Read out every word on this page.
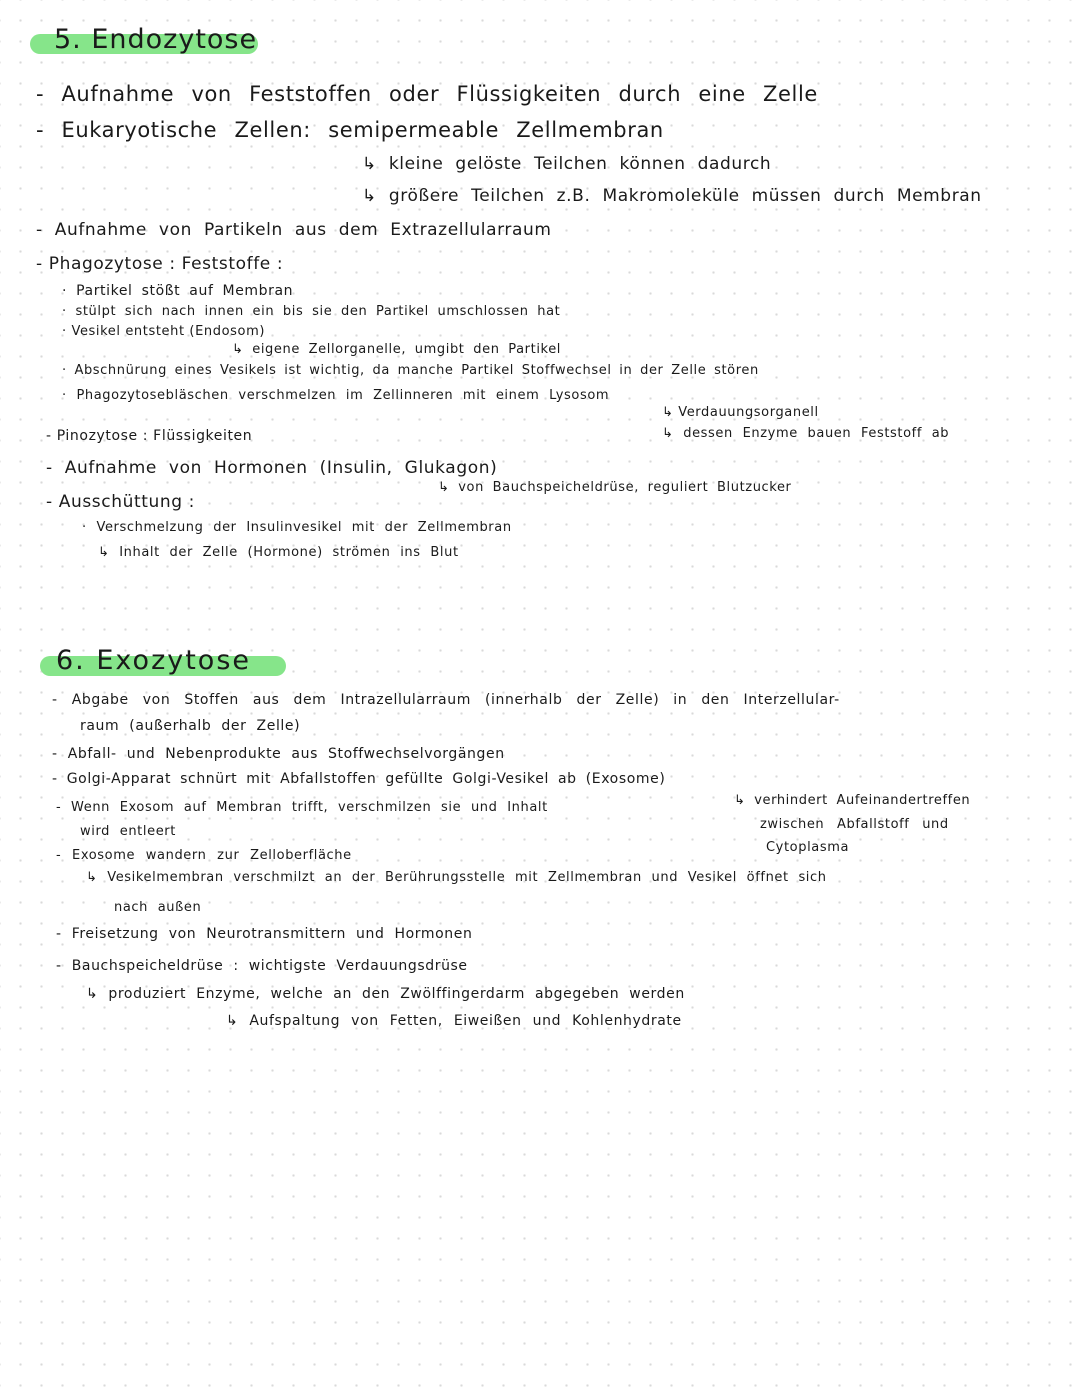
5. Endozytose
- Aufnahme von Feststoffen oder Flüssigkeiten durch eine Zelle
- Eukaryotische Zellen: semipermeable Zellmembran
↳ kleine gelöste Teilchen können dadurch
↳ größere Teilchen z.B. Makromoleküle müssen durch Membran
- Aufnahme von Partikeln aus dem Extrazellularraum
- Phagozytose : Feststoffe :
· Partikel stößt auf Membran
· stülpt sich nach innen ein bis sie den Partikel umschlossen hat
· Vesikel entsteht (Endosom)
↳ eigene Zellorganelle, umgibt den Partikel
· Abschnürung eines Vesikels ist wichtig, da manche Partikel Stoffwechsel in der Zelle stören
· Phagozytosebläschen verschmelzen im Zellinneren mit einem Lysosom
↳ Verdauungsorganell
↳ dessen Enzyme bauen Feststoff ab
- Pinozytose : Flüssigkeiten
- Aufnahme von Hormonen (Insulin, Glukagon)
↳ von Bauchspeicheldrüse, reguliert Blutzucker
- Ausschüttung :
· Verschmelzung der Insulinvesikel mit der Zellmembran
↳ Inhalt der Zelle (Hormone) strömen ins Blut
6. Exozytose
- Abgabe von Stoffen aus dem Intrazellularraum (innerhalb der Zelle) in den Interzellular-
raum (außerhalb der Zelle)
- Abfall- und Nebenprodukte aus Stoffwechselvorgängen
- Golgi-Apparat schnürt mit Abfallstoffen gefüllte Golgi-Vesikel ab (Exosome)
- Wenn Exosom auf Membran trifft, verschmilzen sie und Inhalt
wird entleert
↳ verhindert Aufeinandertreffen
zwischen Abfallstoff und
Cytoplasma
- Exosome wandern zur Zelloberfläche
↳ Vesikelmembran verschmilzt an der Berührungsstelle mit Zellmembran und Vesikel öffnet sich
nach außen
- Freisetzung von Neurotransmittern und Hormonen
- Bauchspeicheldrüse : wichtigste Verdauungsdrüse
↳ produziert Enzyme, welche an den Zwölffingerdarm abgegeben werden
↳ Aufspaltung von Fetten, Eiweißen und Kohlenhydrate
